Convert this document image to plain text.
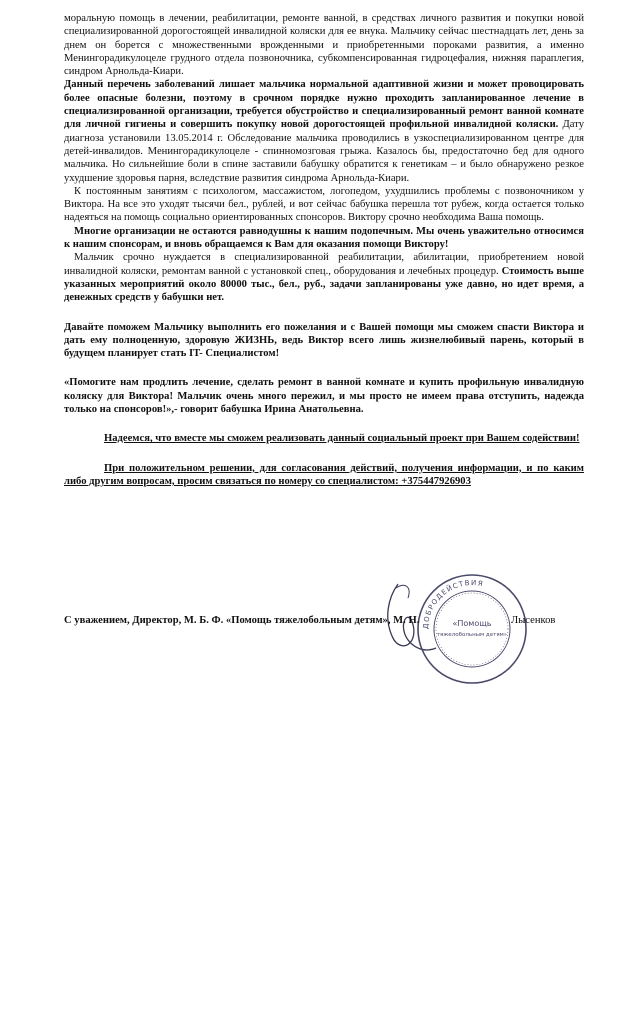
моральную помощь в лечении, реабилитации, ремонте ванной, в средствах личного развития и покупки новой специализированной дорогостоящей инвалидной коляски для ее внука. Мальчику сейчас шестнадцать лет, день за днем он борется с множественными врожденными и приобретенными пороками развития, а именно Менингорадикулоцеле грудного отдела позвоночника, субкомпенсированная гидроцефалия, нижняя параплегия, синдром Арнольда-Киари.

Данный перечень заболеваний лишает мальчика нормальной адаптивной жизни и может провоцировать более опасные болезни, поэтому в срочном порядке нужно проходить запланированное лечение в специализированной организации, требуется обустройство и специализированный ремонт ванной комнате для личной гигиены и совершить покупку новой дорогостоящей профильной инвалидной коляски. Дату диагноза установили 13.05.2014 г. Обследование мальчика проводились в узкоспециализированном центре для детей-инвалидов. Менингорадикулоцеле - спинномозговая грыжа. Казалось бы, предостаточно бед для одного мальчика. Но сильнейшие боли в спине заставили бабушку обратится к генетикам – и было обнаружено резкое ухудшение здоровья парня, вследствие развития синдрома Арнольда-Киари.

К постоянным занятиям с психологом, массажистом, логопедом, ухудшились проблемы с позвоночником у Виктора. На все это уходят тысячи бел., рублей, и вот сейчас бабушка перешла тот рубеж, когда остается только надеяться на помощь социально ориентированных спонсоров. Виктору срочно необходима Ваша помощь.

Многие организации не остаются равнодушны к нашим подопечным. Мы очень уважительно относимся к нашим спонсорам, и вновь обращаемся к Вам для оказания помощи Виктору!

Мальчик срочно нуждается в специализированной реабилитации, абилитации, приобретением новой инвалидной коляски, ремонтам ванной с установкой спец., оборудования и лечебных процедур. Стоимость выше указанных мероприятий около 80000 тыс., бел., руб., задачи запланированы уже давно, но идет время, а денежных средств у бабушки нет.

Давайте поможем Мальчику выполнить его пожелания и с Вашей помощи мы сможем спасти Виктора и дать ему полноценную, здоровую ЖИЗНЬ, ведь Виктор всего лишь жизнелюбивый парень, который в будущем планирует стать IT- Специалистом!

«Помогите нам продлить лечение, сделать ремонт в ванной комнате и купить профильную инвалидную коляску для Виктора! Мальчик очень много пережил, и мы просто не имеем права отступить, надежда только на спонсоров!»,- говорит бабушка Ирина Анатольевна.

Надеемся, что вместе мы сможем реализовать данный социальный проект при Вашем содействии!

При положительном решении, для согласования действий, получения информации, и по каким либо другим вопросам, просим связаться по номеру со специалистом: +375447926903

ДОБРОДЕЙСТВИЯ
«Помощь
тяжелобольным детям»
С уважением, Директор, М. Б. Ф. «Помощь тяжелобольным детям», М. Н.	Лысенков
